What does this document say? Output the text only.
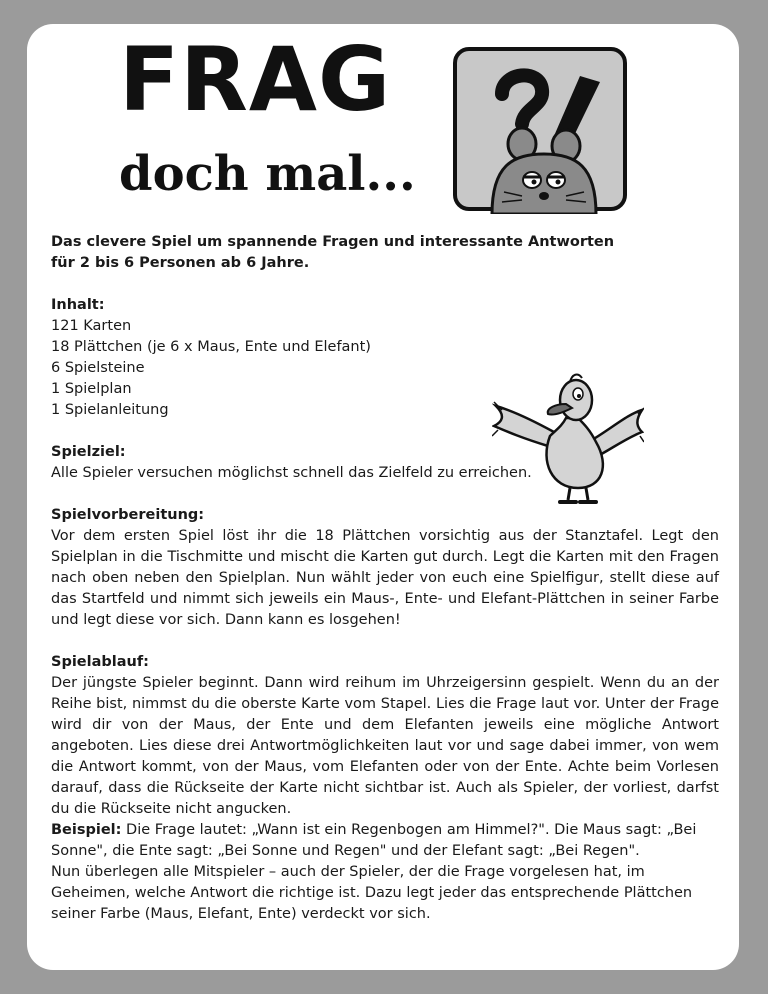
FRAG
doch mal...
Das clevere Spiel um spannende Fragen und interessante Antworten
für 2 bis 6 Personen ab 6 Jahre.
Inhalt:
121 Karten
18 Plättchen (je 6 x Maus, Ente und Elefant)
6 Spielsteine
1 Spielplan
1 Spielanleitung
Spielziel:
Alle Spieler versuchen möglichst schnell das Zielfeld zu erreichen.
Spielvorbereitung:

Vor dem ersten Spiel löst ihr die 18 Plättchen vorsichtig aus der Stanztafel. Legt den Spielplan in die Tischmitte und mischt die Karten gut durch. Legt die Karten mit den Fragen nach oben neben den Spielplan. Nun wählt jeder von euch eine Spielfigur, stellt diese auf das Startfeld und nimmt sich jeweils ein Maus-, Ente- und Elefant-Plättchen in seiner Farbe und legt diese vor sich. Dann kann es losgehen!

Spielablauf:

Der jüngste Spieler beginnt. Dann wird reihum im Uhrzeigersinn gespielt. Wenn du an der Reihe bist, nimmst du die oberste Karte vom Stapel. Lies die Frage laut vor. Unter der Frage wird dir von der Maus, der Ente und dem Elefanten jeweils eine mögliche Antwort angeboten. Lies diese drei Antwortmöglichkeiten laut vor und sage dabei immer, von wem die Antwort kommt, von der Maus, vom Elefanten oder von der Ente. Achte beim Vorlesen darauf, dass die Rückseite der Karte nicht sichtbar ist. Auch als Spieler, der vorliest, darfst du die Rückseite nicht angucken.

Beispiel: Die Frage lautet: „Wann ist ein Regenbogen am Himmel?". Die Maus sagt: „Bei Sonne", die Ente sagt: „Bei Sonne und Regen" und der Elefant sagt: „Bei Regen".

Nun überlegen alle Mitspieler – auch der Spieler, der die Frage vorgelesen hat, im Geheimen, welche Antwort die richtige ist. Dazu legt jeder das entsprechende Plättchen seiner Farbe (Maus, Elefant, Ente) verdeckt vor sich.
